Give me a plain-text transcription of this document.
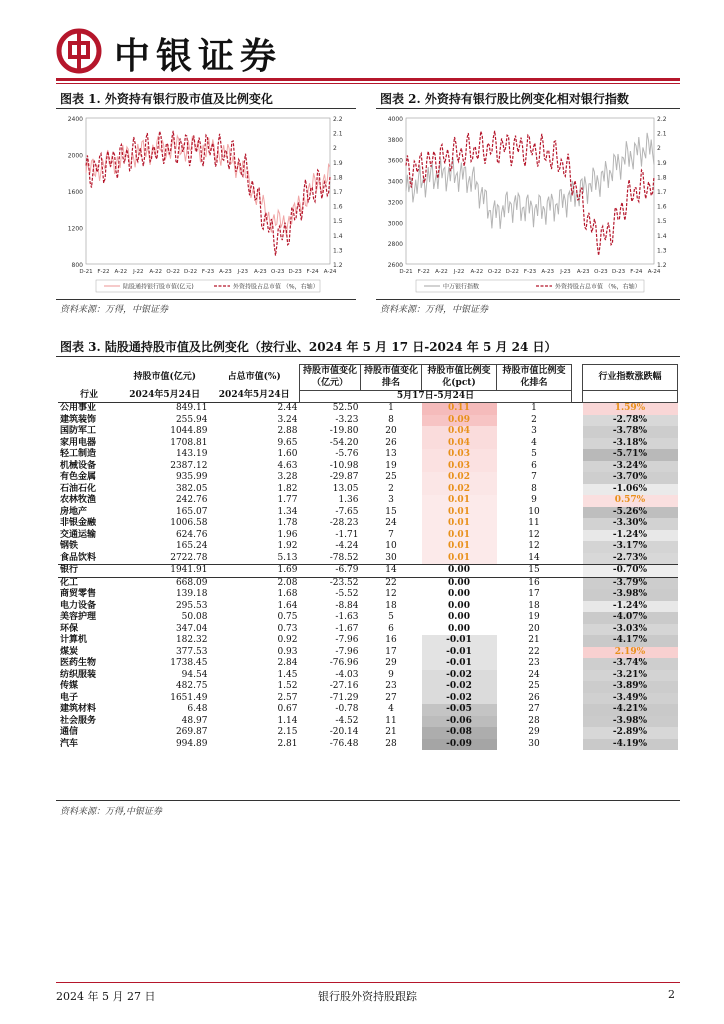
中银证券
图表 1. 外资持有银行股市值及比例变化
2400
2000
1600
1200
800
2.2
2.1
2
1.9
1.8
1.7
1.6
1.5
1.4
1.3
1.2
D-21 F-22 A-22 J-22 A-22 O-22 D-22 F-23 A-23 J-23 A-23 O-23 D-23 F-24 A-24
陆股通持银行股市值(亿元)	外资持股占总市值 （%，右轴）
资料来源：万得，中银证券
图表 2. 外资持有银行股比例变化相对银行指数
4000
3800
3600
3400
3200
3000
2800
2600
2.2
2.1
2
1.9
1.8
1.7
1.6
1.5
1.4
1.3
1.2
D-21 F-22 A-22 J-22 A-22 O-22 D-22 F-23 A-23 J-23 A-23 O-23 D-23 F-24 A-24
中万银行指数	外资持股占总市值 （%，右轴）
资料来源：万得，中银证券
图表 3. 陆股通持股市值及比例变化（按行业、2024 年 5 月 17 日-2024 年 5 月 24 日）
	持股市值(亿元)	占总市值(%)	持股市值变化（亿元）	持股市值变化排名	持股市值比例变化(pct)	持股市值比例变化排名		行业指数涨跌幅

行业	2024年5月24日	2024年5月24日	5月17日-5月24日					
公用事业	849.11	2.44	52.50	1	0.11	1		1.59%
建筑装饰	255.94	3.24	-3.23	8	0.09	2		-2.78%
国防军工	1044.89	2.88	-19.80	20	0.04	3		-3.78%
家用电器	1708.81	9.65	-54.20	26	0.04	4		-3.18%
轻工制造	143.19	1.60	-5.76	13	0.03	5		-5.71%
机械设备	2387.12	4.63	-10.98	19	0.03	6		-3.24%
有色金属	935.99	3.28	-29.87	25	0.02	7		-3.70%
石油石化	382.05	1.82	13.05	2	0.02	8		-1.06%
农林牧渔	242.76	1.77	1.36	3	0.01	9		0.57%
房地产	165.07	1.34	-7.65	15	0.01	10		-5.26%
非银金融	1006.58	1.78	-28.23	24	0.01	11		-3.30%
交通运输	624.76	1.96	-1.71	7	0.01	12		-1.24%
钢铁	165.24	1.92	-4.24	10	0.01	12		-3.17%
食品饮料	2722.78	5.13	-78.52	30	0.01	14		-2.73%
银行	1941.91	1.69	-6.79	14	0.00	15		-0.70%
化工	668.09	2.08	-23.52	22	0.00	16		-3.79%
商贸零售	139.18	1.68	-5.52	12	0.00	17		-3.98%
电力设备	295.53	1.64	-8.84	18	0.00	18		-1.24%
美容护理	50.08	0.75	-1.63	5	0.00	19		-4.07%
环保	347.04	0.73	-1.67	6	0.00	20		-3.03%
计算机	182.32	0.92	-7.96	16	-0.01	21		-4.17%
煤炭	377.53	0.93	-7.96	17	-0.01	22		2.19%
医药生物	1738.45	2.84	-76.96	29	-0.01	23		-3.74%
纺织服装	94.54	1.45	-4.03	9	-0.02	24		-3.21%
传媒	482.75	1.52	-27.16	23	-0.02	25		-3.89%
电子	1651.49	2.57	-71.29	27	-0.02	26		-3.49%
建筑材料	6.48	0.67	-0.78	4	-0.05	27		-4.21%
社会服务	48.97	1.14	-4.52	11	-0.06	28		-3.98%
通信	269.87	2.15	-20.14	21	-0.08	29		-2.89%
汽车	994.89	2.81	-76.48	28	-0.09	30		-4.19%
资料来源：万得,中银证券
2024 年 5 月 27 日	银行股外资持股跟踪	2
